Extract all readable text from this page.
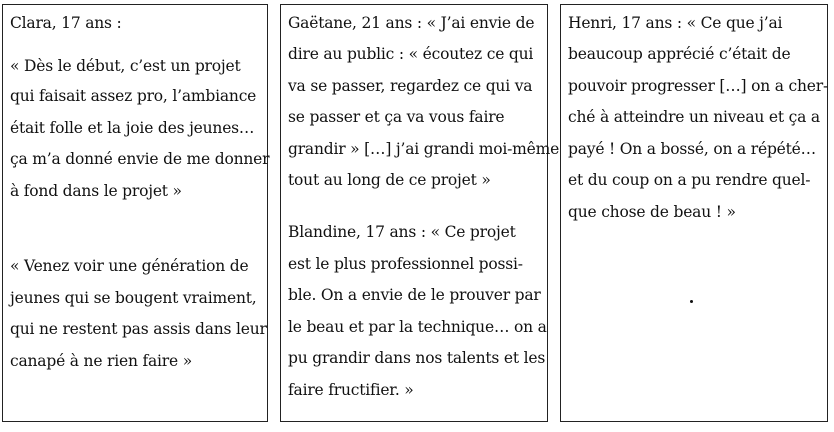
Clara, 17 ans :
« Dès le début, c’est un projet
qui faisait assez pro, l’ambiance
était folle et la joie des jeunes…
ça m’a donné envie de me donner
à fond dans le projet »
« Venez voir une génération de
jeunes qui se bougent vraiment,
qui ne restent pas assis dans leur
canapé à ne rien faire »
Gaëtane, 21 ans : « J’ai envie de
dire au public : « écoutez ce qui
va se passer, regardez ce qui va
se passer et ça va vous faire
grandir » […] j’ai grandi moi-même
tout au long de ce projet »
Blandine, 17 ans : « Ce projet
est le plus professionnel possi-
ble. On a envie de le prouver par
le beau et par la technique… on a
pu grandir dans nos talents et les
faire fructifier. »
Henri, 17 ans : « Ce que j’ai
beaucoup apprécié c’était de
pouvoir progresser […] on a cher-
ché à atteindre un niveau et ça a
payé ! On a bossé, on a répété…
et du coup on a pu rendre quel-
que chose de beau ! »
